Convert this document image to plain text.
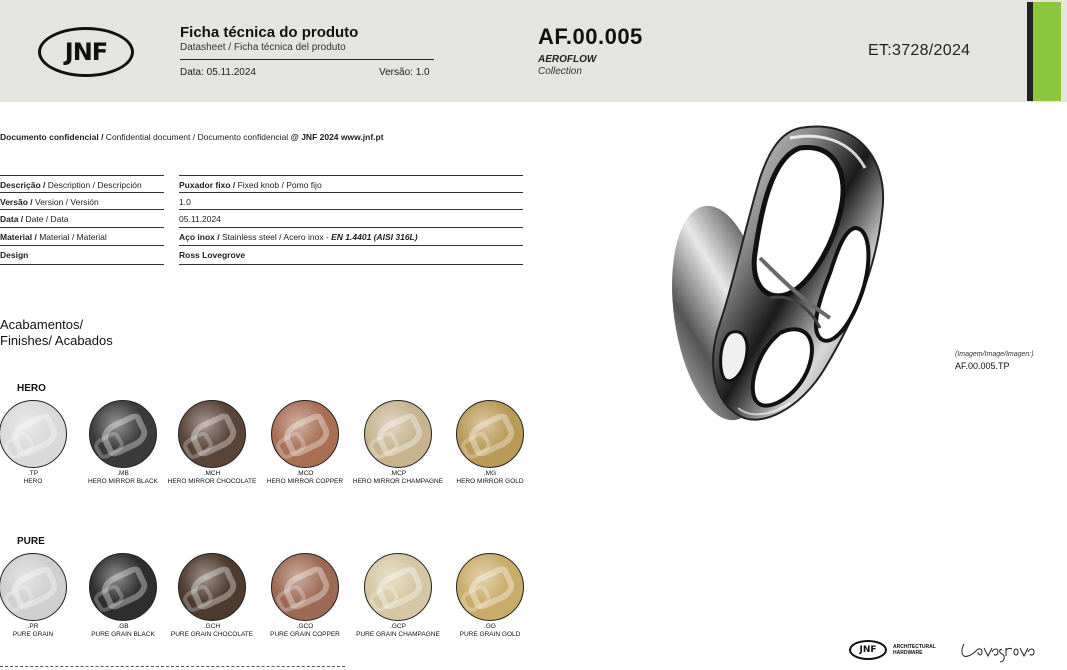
JNF
Ficha técnica do produto
Datasheet / Ficha técnica del produto
Data: 05.11.2024	Versão: 1.0
AF.00.005
AEROFLOW
Collection
ET:3728/2024
Documento confidencial / Confidential document / Documento confidencial @ JNF 2024 www.jnf.pt
Descrição / Description / Descripción	Puxador fixo / Fixed knob / Pomo fijo
Versão / Version / Versión	1.0
Data / Date / Data	05.11.2024
Material / Material / Material	Aço inox / Stainless steel / Acero inox - EN 1.4401 (AISI 316L)
Design	Ross Lovegrove
Acabamentos/
Finishes/ Acabados
HERO
.TP
HERO
.MB
HERO MIRROR BLACK
.MCH
HERO MIRROR CHOCOLATE
.MCO
HERO MIRROR COPPER
.MCP
HERO MIRROR CHAMPAGNE
.MG
HERO MIRROR GOLD
PURE
.PR
PURE GRAIN
.GB
PURE GRAIN BLACK
.GCH
PURE GRAIN CHOCOLATE
.GCO
PURE GRAIN COPPER
.GCP
PURE GRAIN CHAMPAGNE
.GG
PURE GRAIN GOLD
(Imagem/Image/Imagen:)
AF.00.005.TP
JNF	ARCHITECTURAL
HARDWARE
